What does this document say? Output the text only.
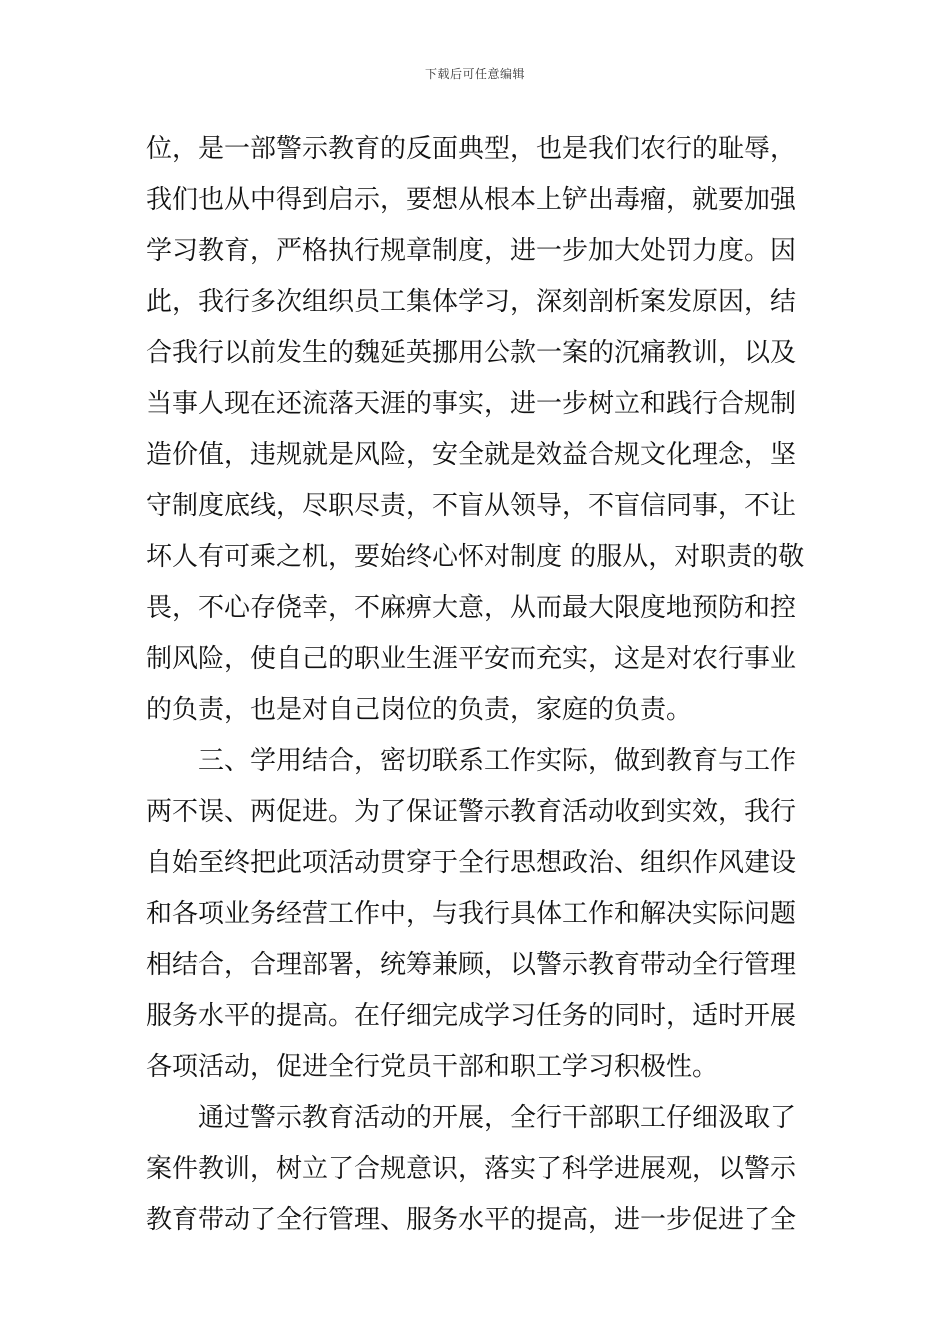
下载后可任意编辑
位，是一部警示教育的反面典型，也是我们农行的耻辱，
我们也从中得到启示，要想从根本上铲出毒瘤，就要加强
学习教育，严格执行规章制度，进一步加大处罚力度。因
此，我行多次组织员工集体学习，深刻剖析案发原因，结
合我行以前发生的魏延英挪用公款一案的沉痛教训，以及
当事人现在还流落天涯的事实，进一步树立和践行合规制
造价值，违规就是风险，安全就是效益合规文化理念，坚
守制度底线，尽职尽责，不盲从领导，不盲信同事，不让
坏人有可乘之机，要始终心怀对制度 的服从，对职责的敬
畏，不心存侥幸，不麻痹大意，从而最大限度地预防和控
制风险，使自己的职业生涯平安而充实，这是对农行事业
的负责，也是对自己岗位的负责，家庭的负责。
三、学用结合，密切联系工作实际，做到教育与工作
两不误、两促进。为了保证警示教育活动收到实效，我行
自始至终把此项活动贯穿于全行思想政治、组织作风建设
和各项业务经营工作中，与我行具体工作和解决实际问题
相结合，合理部署，统筹兼顾，以警示教育带动全行管理
服务水平的提高。在仔细完成学习任务的同时，适时开展
各项活动，促进全行党员干部和职工学习积极性。
通过警示教育活动的开展，全行干部职工仔细汲取了
案件教训，树立了合规意识，落实了科学进展观，以警示
教育带动了全行管理、服务水平的提高，进一步促进了全
